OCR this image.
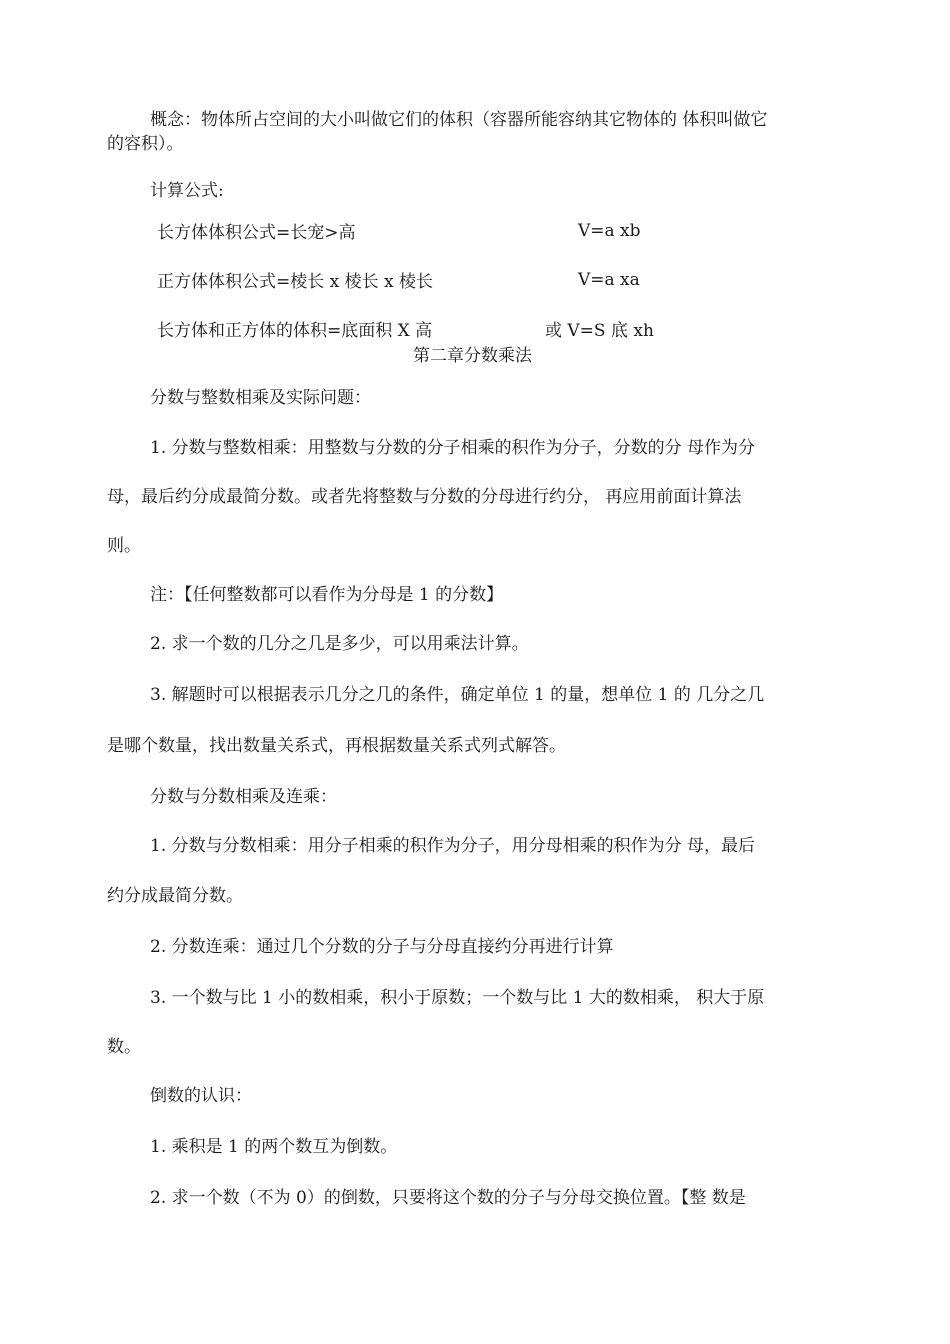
概念：物体所占空间的大小叫做它们的体积（容器所能容纳其它物体的 体积叫做它

的容积）。

计算公式:

长方体体积公式=长宠>高	V=a xb

正方体体积公式=棱长 x 棱长 x 棱长	V=a xa

长方体和正方体的体积=底面积 X 高	或 V=S 底 xh

第二章分数乘法

分数与整数相乘及实际问题：

1. 分数与整数相乘：用整数与分数的分子相乘的积作为分子，分数的分 母作为分

母，最后约分成最简分数。或者先将整数与分数的分母进行约分， 再应用前面计算法

则。

注：【任何整数都可以看作为分母是 1 的分数】

2. 求一个数的几分之几是多少，可以用乘法计算。

3. 解题时可以根据表示几分之几的条件，确定单位 1 的量，想单位 1 的 几分之几

是哪个数量，找出数量关系式，再根据数量关系式列式解答。

分数与分数相乘及连乘：

1. 分数与分数相乘：用分子相乘的积作为分子，用分母相乘的积作为分 母，最后

约分成最简分数。

2. 分数连乘：通过几个分数的分子与分母直接约分再进行计算

3. 一个数与比 1 小的数相乘，积小于原数；一个数与比 1 大的数相乘， 积大于原

数。

倒数的认识：

1. 乘积是 1 的两个数互为倒数。

2. 求一个数（不为 0）的倒数，只要将这个数的分子与分母交换位置。【整 数是
